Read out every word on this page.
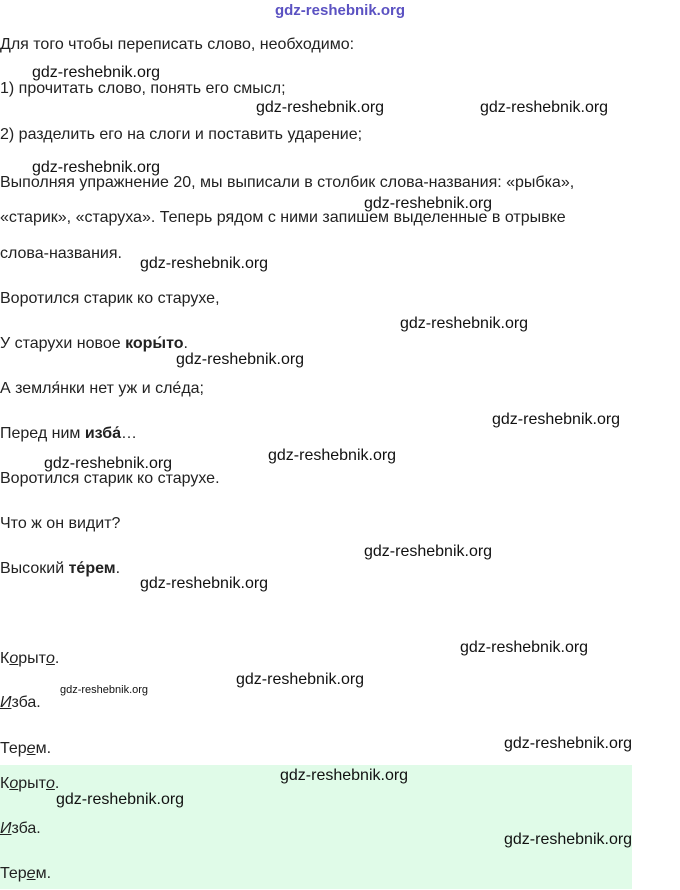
gdz-reshebnik.org
Для того чтобы переписать слово, необходимо:
1) прочитать слово, понять его смысл;
2) разделить его на слоги и поставить ударение;
Выполняя упражнение 20, мы выписали в столбик слова-названия: «рыбка»,
«старик», «старуха». Теперь рядом с ними запишем выделенные в отрывке
слова-названия.
Воротился старик ко старухе,
У старухи новое коры́то.
А земля́нки нет уж и сле́да;
Перед ним изба́…
Воротился старик ко старухе.
Что ж он видит?
Высокий те́рем.
Корыто.
Изба.
Терем.
Корыто.
Изба.
Терем.
gdz-reshebnik.org
gdz-reshebnik.org	gdz-reshebnik.org
gdz-reshebnik.org
gdz-reshebnik.org
gdz-reshebnik.org
gdz-reshebnik.org
gdz-reshebnik.org
gdz-reshebnik.org
gdz-reshebnik.org
gdz-reshebnik.org
gdz-reshebnik.org
gdz-reshebnik.org
gdz-reshebnik.org
gdz-reshebnik.org
gdz-reshebnik.org
gdz-reshebnik.org
gdz-reshebnik.org
gdz-reshebnik.org
gdz-reshebnik.org
